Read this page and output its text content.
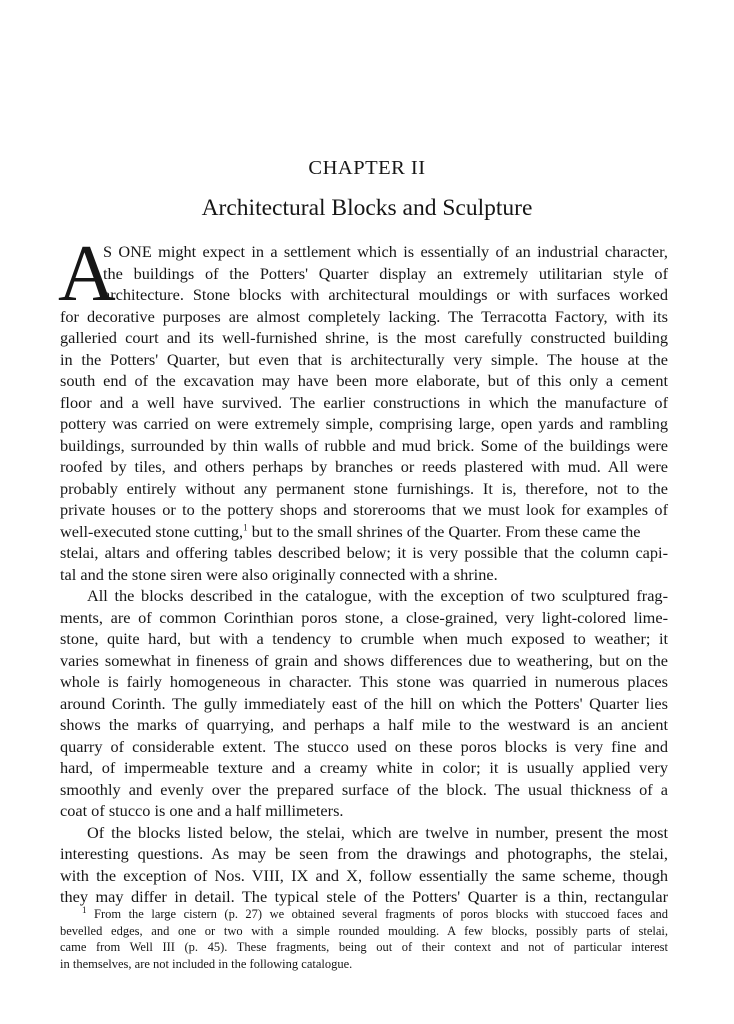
CHAPTER II
Architectural Blocks and Sculpture
A
S ONE might expect in a settlement which is essentially of an industrial character,
the buildings of the Potters' Quarter display an extremely utilitarian style of
architecture. Stone blocks with architectural mouldings or with surfaces worked
for decorative purposes are almost completely lacking. The Terracotta Factory, with its
galleried court and its well-furnished shrine, is the most carefully constructed building
in the Potters' Quarter, but even that is architecturally very simple. The house at the
south end of the excavation may have been more elaborate, but of this only a cement
floor and a well have survived. The earlier constructions in which the manufacture of
pottery was carried on were extremely simple, comprising large, open yards and rambling
buildings, surrounded by thin walls of rubble and mud brick. Some of the buildings were
roofed by tiles, and others perhaps by branches or reeds plastered with mud. All were
probably entirely without any permanent stone furnishings. It is, therefore, not to the
private houses or to the pottery shops and storerooms that we must look for examples of
well-executed stone cutting,$^1$ but to the small shrines of the Quarter. From these came the
stelai, altars and offering tables described below; it is very possible that the column capi-
tal and the stone siren were also originally connected with a shrine.
All the blocks described in the catalogue, with the exception of two sculptured frag-
ments, are of common Corinthian poros stone, a close-grained, very light-colored lime-
stone, quite hard, but with a tendency to crumble when much exposed to weather; it
varies somewhat in fineness of grain and shows differences due to weathering, but on the
whole is fairly homogeneous in character. This stone was quarried in numerous places
around Corinth. The gully immediately east of the hill on which the Potters' Quarter lies
shows the marks of quarrying, and perhaps a half mile to the westward is an ancient
quarry of considerable extent. The stucco used on these poros blocks is very fine and
hard, of impermeable texture and a creamy white in color; it is usually applied very
smoothly and evenly over the prepared surface of the block. The usual thickness of a
coat of stucco is one and a half millimeters.
Of the blocks listed below, the stelai, which are twelve in number, present the most
interesting questions. As may be seen from the drawings and photographs, the stelai,
with the exception of Nos. VIII, IX and X, follow essentially the same scheme, though
they may differ in detail. The typical stele of the Potters' Quarter is a thin, rectangular
$^1$ From the large cistern (p. 27) we obtained several fragments of poros blocks with stuccoed faces and
bevelled edges, and one or two with a simple rounded moulding. A few blocks, possibly parts of stelai,
came from Well III (p. 45). These fragments, being out of their context and not of particular interest
in themselves, are not included in the following catalogue.
